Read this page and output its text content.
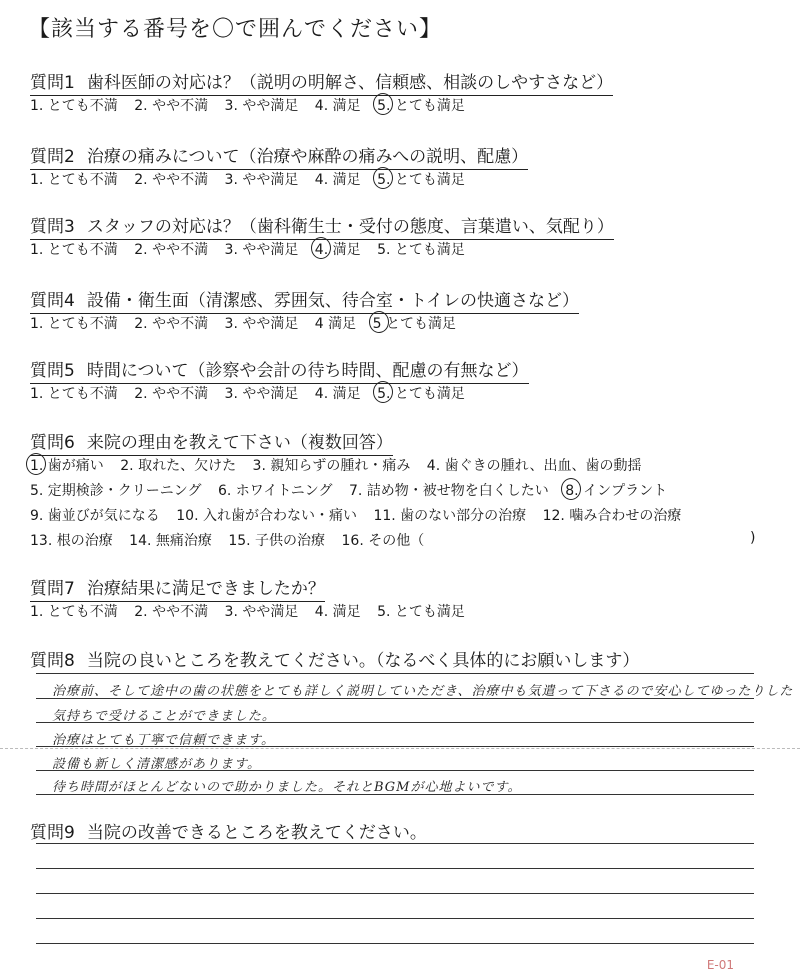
【該当する番号を〇で囲んでください】
質問1 歯科医師の対応は？（説明の明解さ、信頼感、相談のしやすさなど）
1. とても不満 2. やや不満 3. やや満足 4. 満足 5. とても満足
質問2 治療の痛みについて（治療や麻酔の痛みへの説明、配慮）
1. とても不満 2. やや不満 3. やや満足 4. 満足 5. とても満足
質問3 スタッフの対応は？（歯科衛生士・受付の態度、言葉遣い、気配り）
1. とても不満 2. やや不満 3. やや満足 4. 満足 5. とても満足
質問4 設備・衛生面（清潔感、雰囲気、待合室・トイレの快適さなど）
1. とても不満 2. やや不満 3. やや満足 4 満足 5 とても満足
質問5 時間について（診察や会計の待ち時間、配慮の有無など）
1. とても不満 2. やや不満 3. やや満足 4. 満足 5. とても満足
質問6 来院の理由を教えて下さい（複数回答）
1. 歯が痛い 2. 取れた、欠けた 3. 親知らずの腫れ・痛み 4. 歯ぐきの腫れ、出血、歯の動揺
5. 定期検診・クリーニング 6. ホワイトニング 7. 詰め物・被せ物を白くしたい 8. インプラント
9. 歯並びが気になる 10. 入れ歯が合わない・痛い 11. 歯のない部分の治療 12. 噛み合わせの治療
13. 根の治療 14. 無痛治療 15. 子供の治療 16. その他（	)
質問7 治療結果に満足できましたか？
1. とても不満 2. やや不満 3. やや満足 4. 満足 5. とても満足
質問8 当院の良いところを教えてください。（なるべく具体的にお願いします）
治療前、そして途中の歯の状態をとても詳しく説明していただき、治療中も気遣って下さるので安心してゆったりした
気持ちで受けることができました。
治療はとても丁寧で信頼できます。
設備も新しく清潔感があります。
待ち時間がほとんどないので助かりました。それとBGMが心地よいです。
質問9 当院の改善できるところを教えてください。
E-01
